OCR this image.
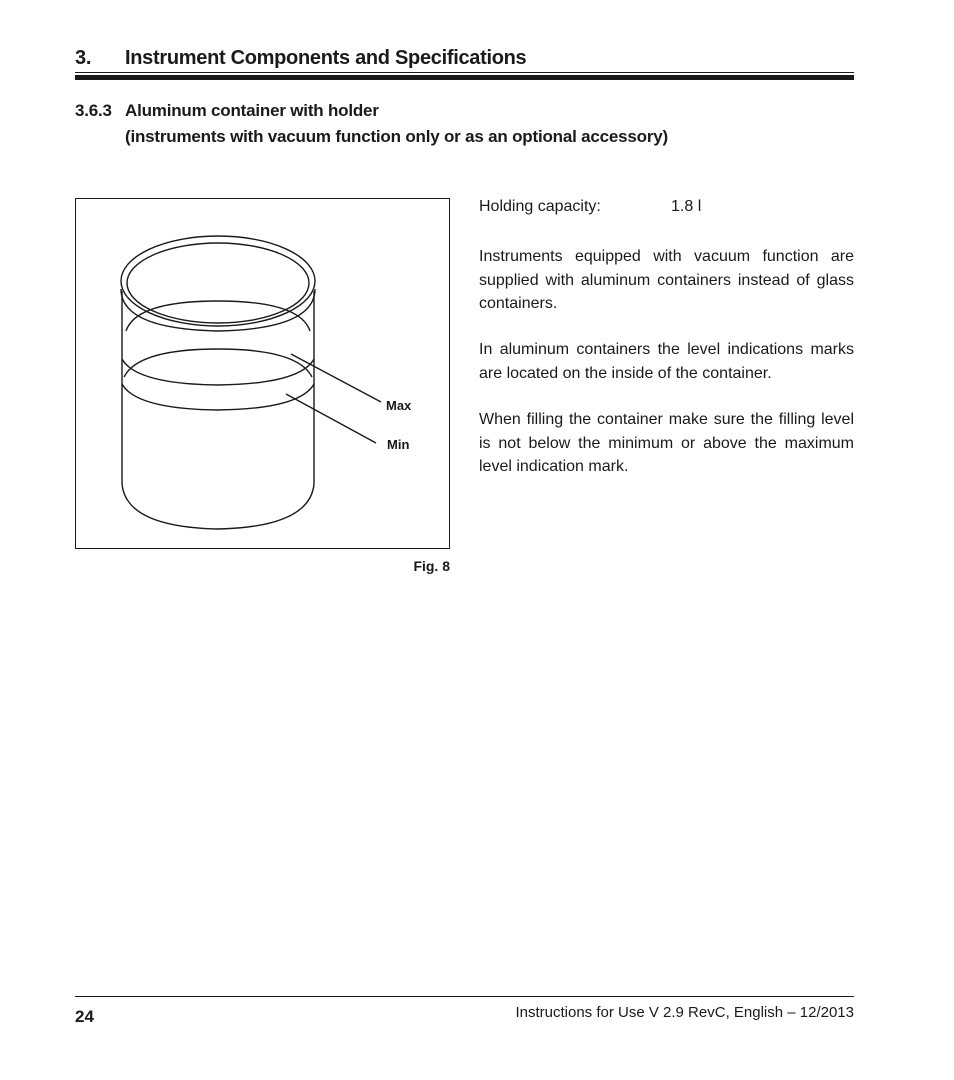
3. Instrument Components and Specifications
3.6.3 Aluminum container with holder
(instruments with vacuum function only or as an optional accessory)
Max
Min
Fig. 8
Holding capacity:	1.8 l

Instruments equipped with vacuum function are supplied with aluminum containers instead of glass containers.

In aluminum containers the level indications marks are located on the inside of the container.

When filling the container make sure the filling level is not below the minimum or above the maximum level indication mark.

24	Instructions for Use V 2.9 RevC, English – 12/2013
